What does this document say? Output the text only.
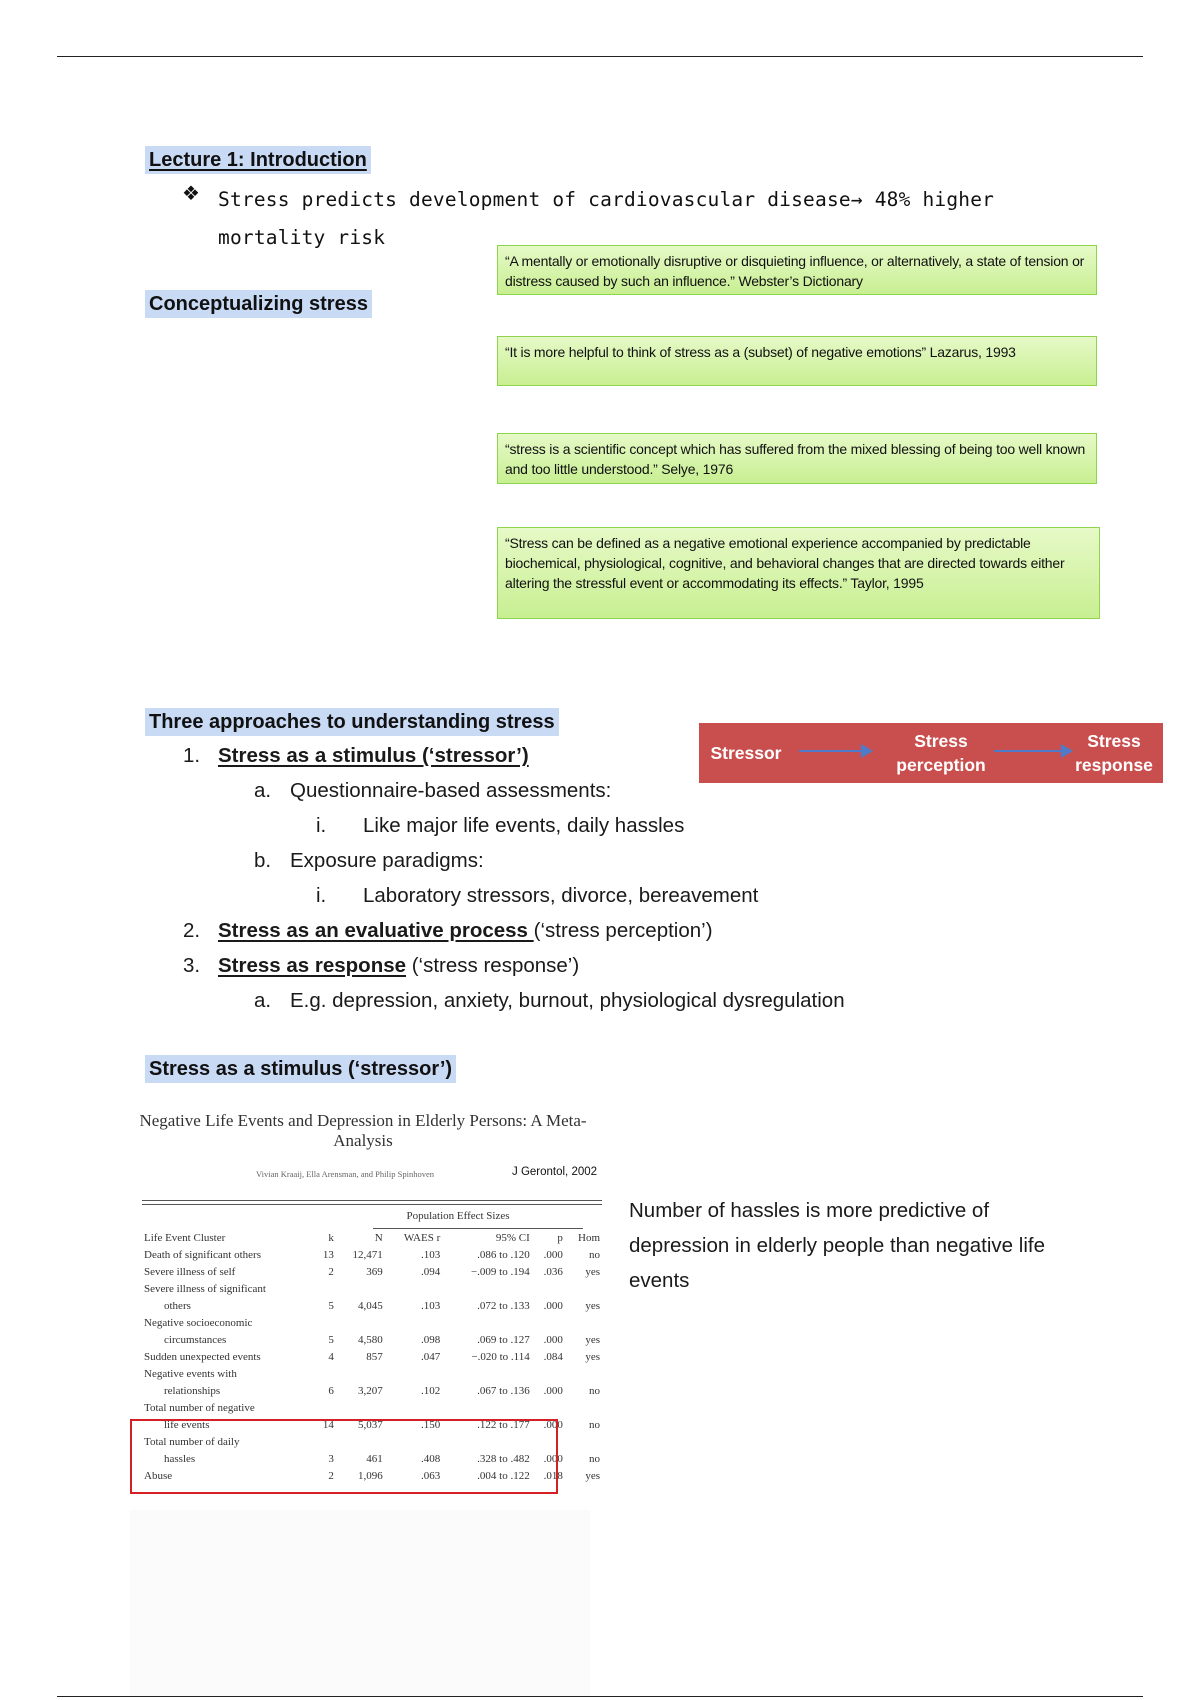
Lecture 1: Introduction
❖ Stress predicts development of cardiovascular disease→ 48% higher mortality risk
Conceptualizing stress
“A mentally or emotionally disruptive or disquieting influence, or alternatively, a state of tension or distress caused by such an influence.” Webster’s Dictionary
“It is more helpful to think of stress as a (subset) of negative emotions” Lazarus, 1993
“stress is a scientific concept which has suffered from the mixed blessing of being too well known and too little understood.” Selye, 1976
“Stress can be defined as a negative emotional experience accompanied by predictable biochemical, physiological, cognitive, and behavioral changes that are directed towards either altering the stressful event or accommodating its effects.” Taylor, 1995
Three approaches to understanding stress
Stressor
Stress perception
Stress response
1. Stress as a stimulus (‘stressor’)
a. Questionnaire-based assessments:
i. Like major life events, daily hassles
b. Exposure paradigms:
i. Laboratory stressors, divorce, bereavement
2. Stress as an evaluative process (‘stress perception’)
3. Stress as response (‘stress response’)
a. E.g. depression, anxiety, burnout, physiological dysregulation
Stress as a stimulus (‘stressor’)
Negative Life Events and Depression in Elderly Persons: A Meta-Analysis
Vivian Kraaij, Ella Arensman, and Philip Spinhoven	J Gerontol, 2002
Population Effect Sizes
Life Event Cluster	k	N	WAES r	95% CI	p	Hom
Death of significant others	13	12,471	.103	.086 to .120	.000	no
Severe illness of self	2	369	.094	−.009 to .194	.036	yes
Severe illness of significant						
others	5	4,045	.103	.072 to .133	.000	yes
Negative socioeconomic						
circumstances	5	4,580	.098	.069 to .127	.000	yes
Sudden unexpected events	4	857	.047	−.020 to .114	.084	yes
Negative events with						
relationships	6	3,207	.102	.067 to .136	.000	no
Total number of negative						
life events	14	5,037	.150	.122 to .177	.000	no
Total number of daily						
hassles	3	461	.408	.328 to .482	.000	no
Abuse	2	1,096	.063	.004 to .122	.018	yes
Number of hassles is more predictive of depression in elderly people than negative life events
